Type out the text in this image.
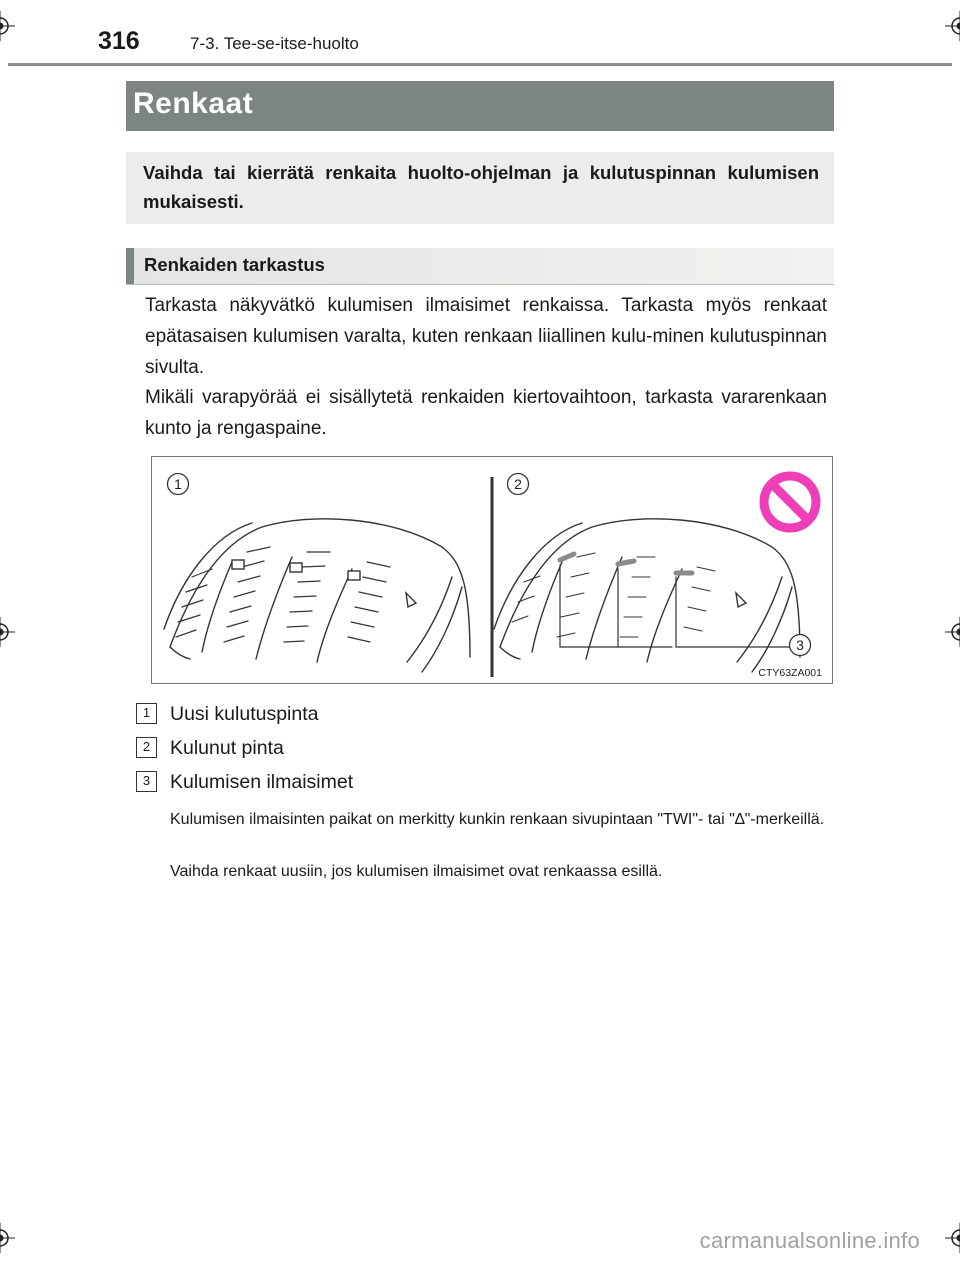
316	7-3. Tee-se-itse-huolto
Renkaat

Vaihda tai kierrätä renkaita huolto-ohjelman ja kulutuspinnan kulumisen mukaisesti.

Renkaiden tarkastus

Tarkasta näkyvätkö kulumisen ilmaisimet renkaissa. Tarkasta myös renkaat epätasaisen kulumisen varalta, kuten renkaan liiallinen kulu-minen kulutuspinnan sivulta.

Mikäli varapyörää ei sisällytetä renkaiden kiertovaihtoon, tarkasta vararenkaan kunto ja rengaspaine.

1	2
3
CTY63ZA001
1	Uusi kulutuspinta
2	Kulunut pinta
3	Kulumisen ilmaisimet

Kulumisen ilmaisinten paikat on merkitty kunkin renkaan sivupintaan "TWI"- tai "∆"-merkeillä.

Vaihda renkaat uusiin, jos kulumisen ilmaisimet ovat renkaassa esillä.

carmanualsonline.info
